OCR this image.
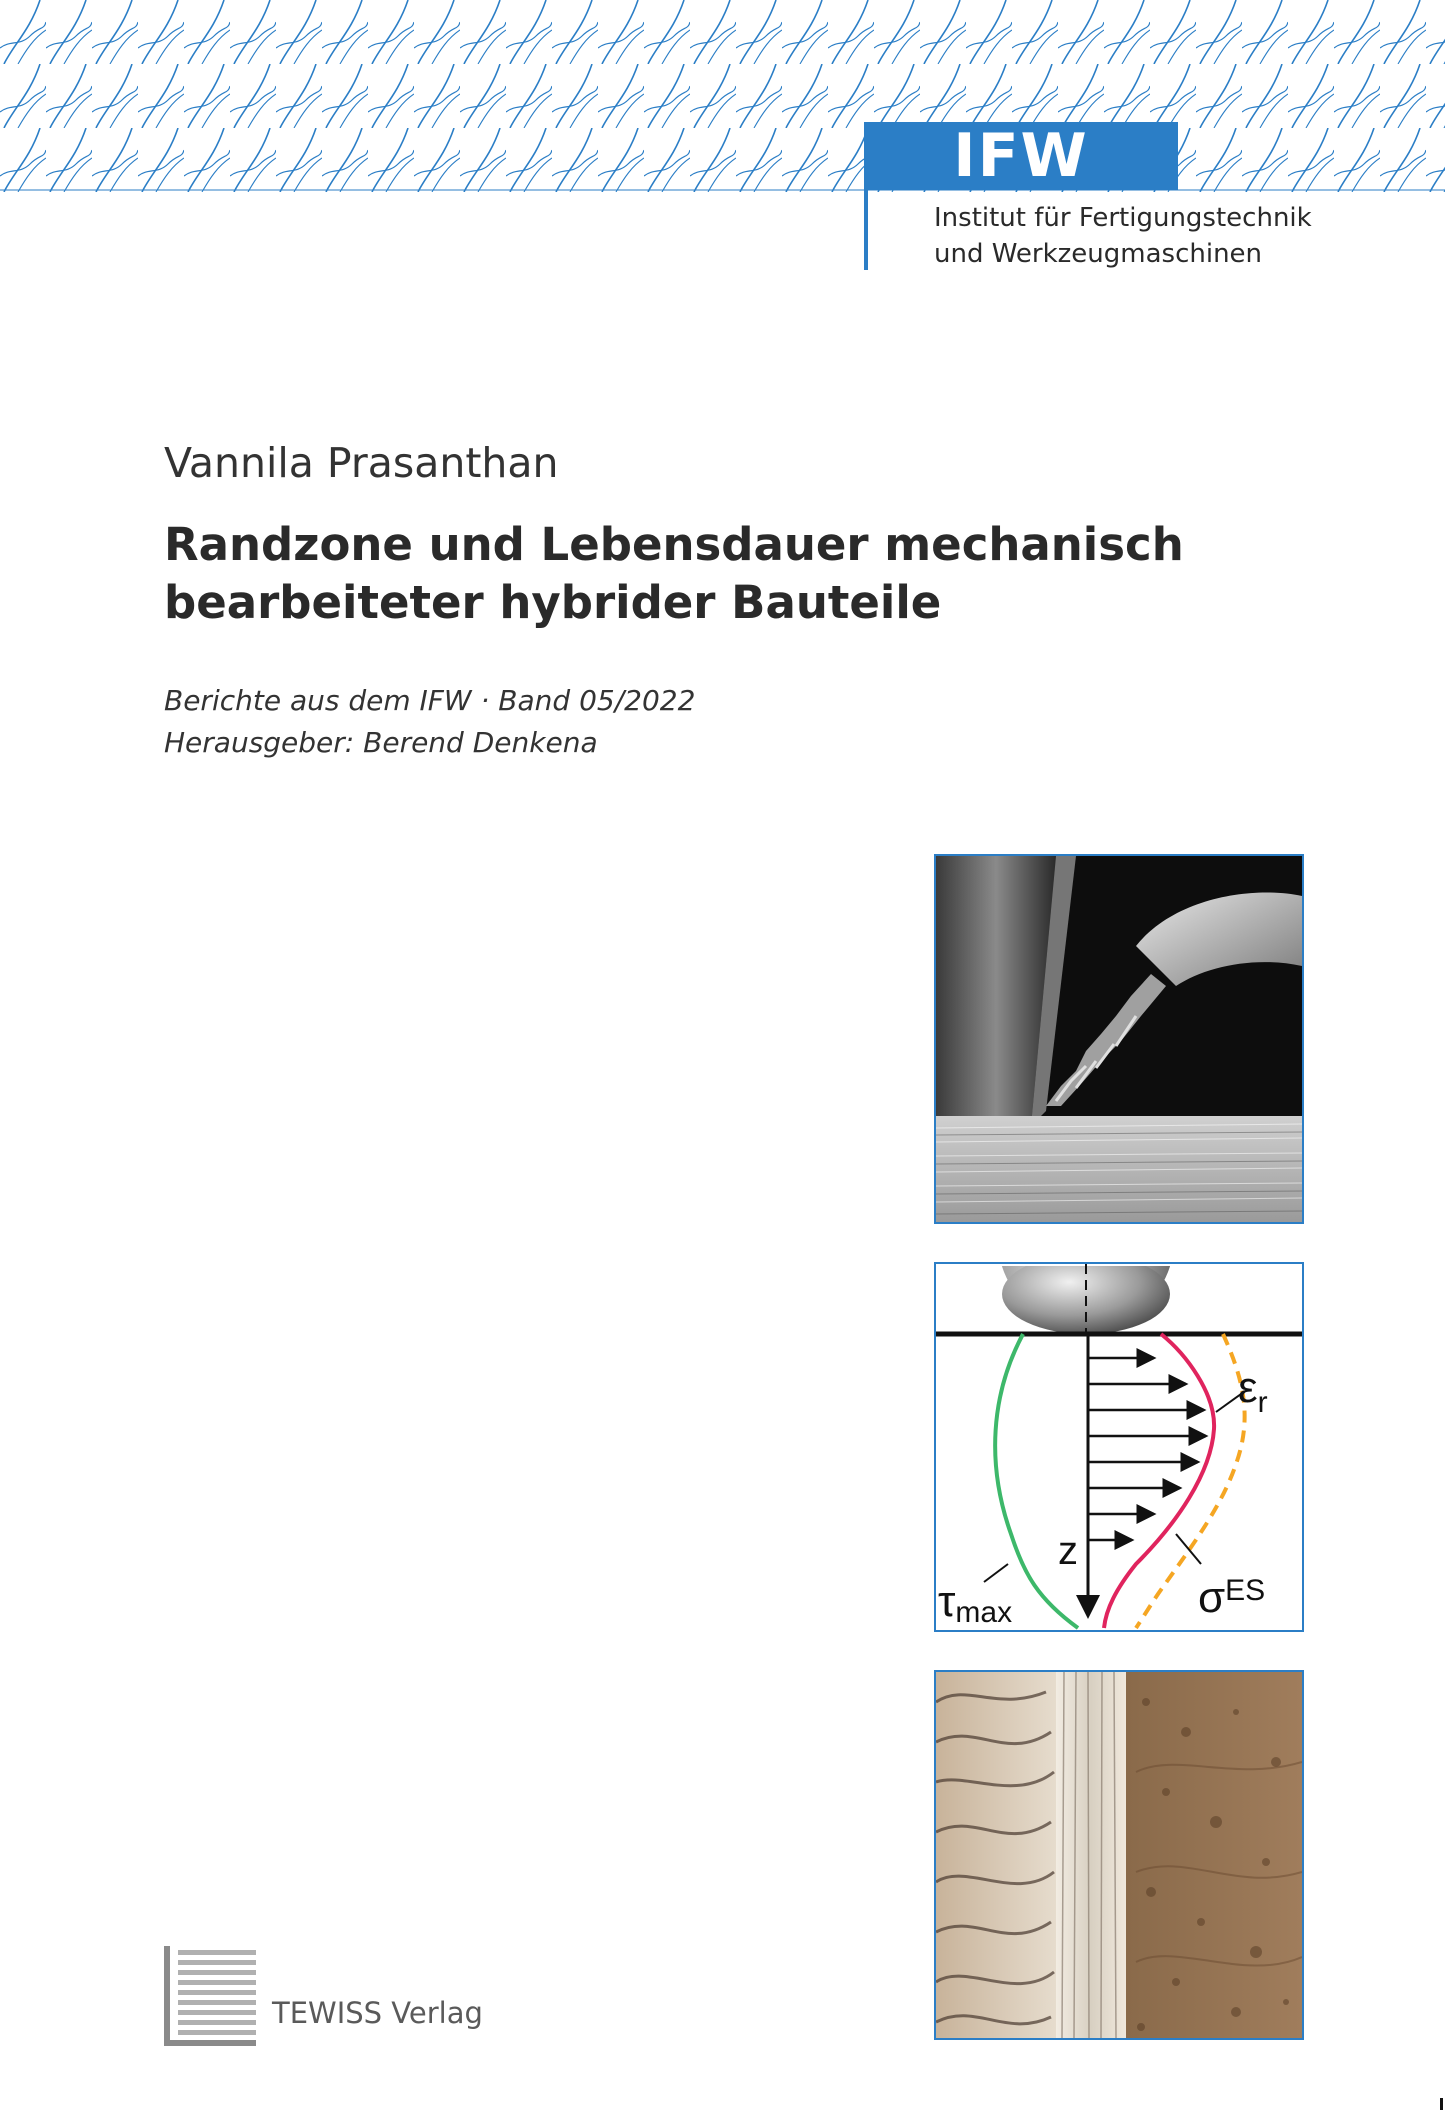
IFW
Institut für Fertigungstechnik
und Werkzeugmaschinen
Vannila Prasanthan
Randzone und Lebensdauer mechanisch
bearbeiteter hybrider Bauteile
Berichte aus dem IFW · Band 05/2022
Herausgeber: Berend Denkena
$\varepsilon_r$
z
τmax	$\sigma^{ES}$
TEWISS Verlag
